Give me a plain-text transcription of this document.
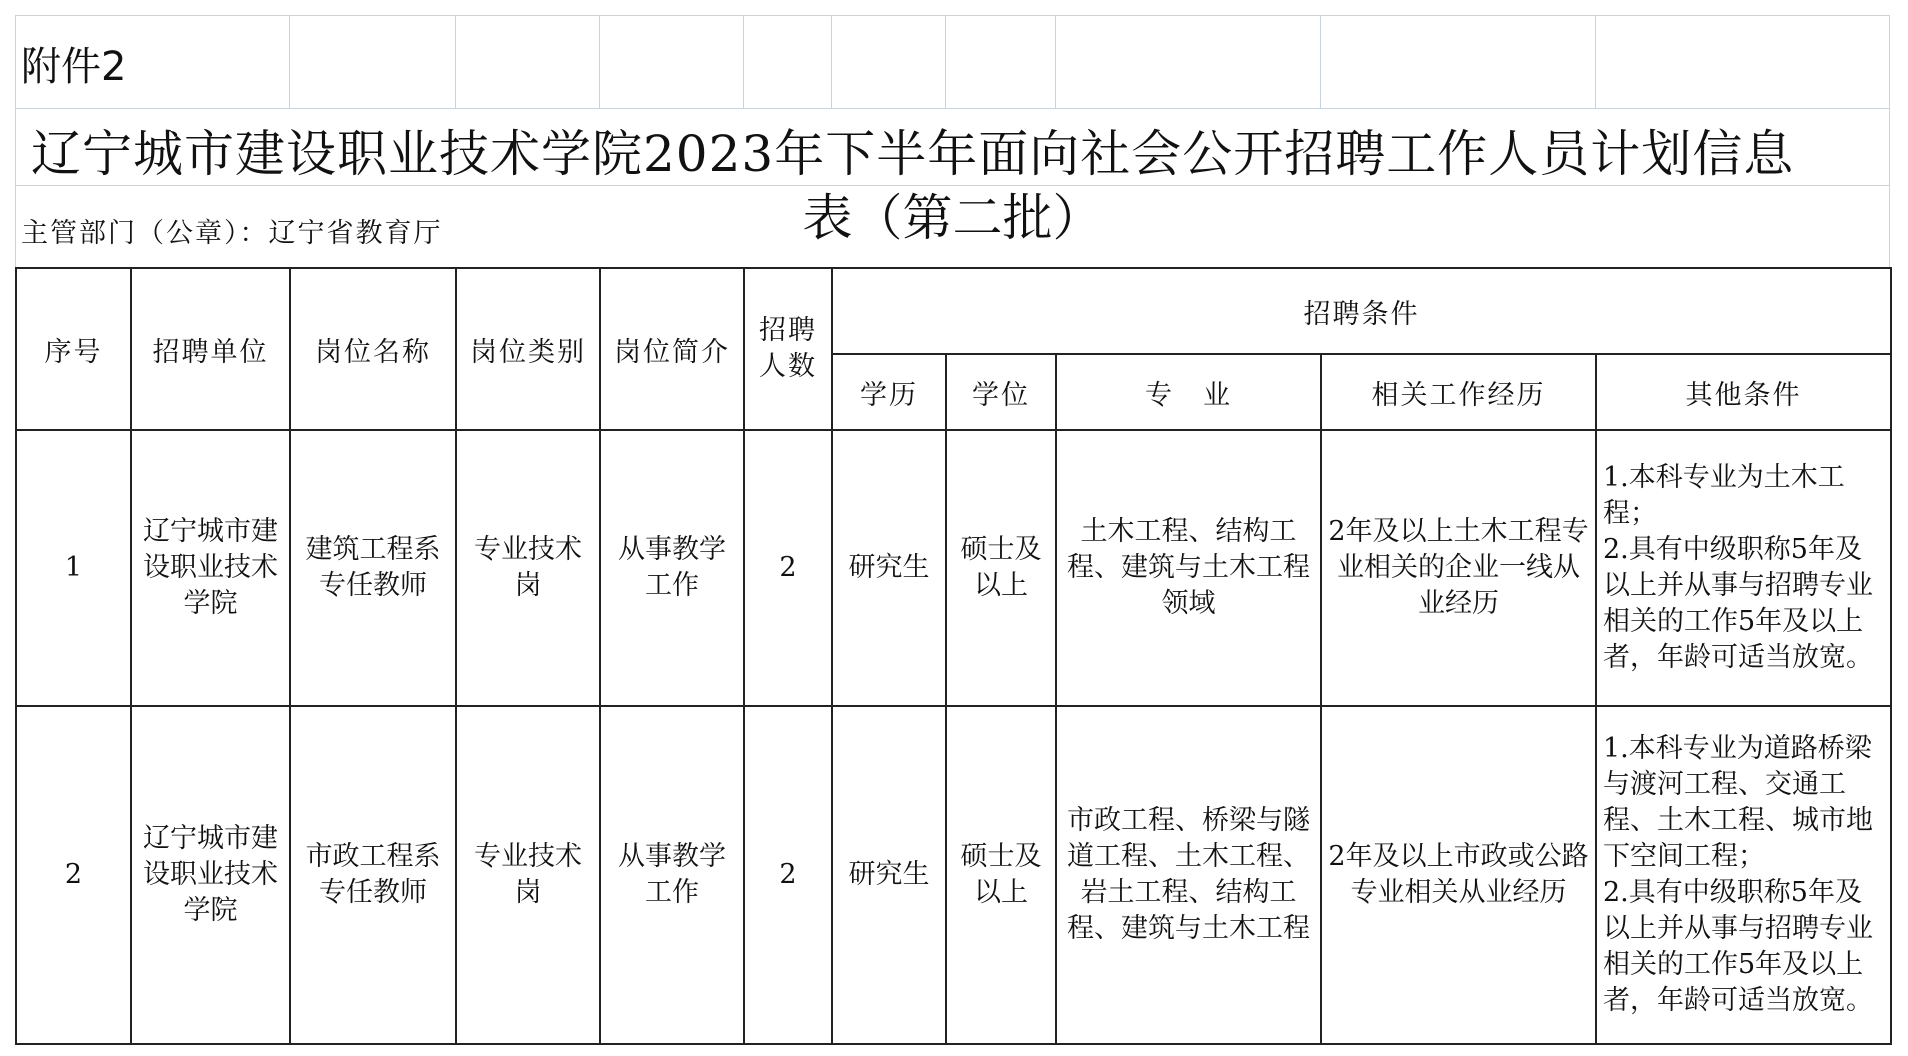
附件2
辽宁城市建设职业技术学院2023年下半年面向社会公开招聘工作人员计划信息
表（第二批）
主管部门（公章）：辽宁省教育厅
序号	招聘单位	岗位名称	岗位类别	岗位简介	招聘人数	招聘条件				
						学历	学位	专　业	相关工作经历	其他条件
1	辽宁城市建设职业技术学院	建筑工程系专任教师	专业技术岗	从事教学工作	2	研究生	硕士及以上	土木工程、结构工程、建筑与土木工程领域	2年及以上土木工程专业相关的企业一线从业经历	1.本科专业为土木工程；
2.具有中级职称5年及以上并从事与招聘专业相关的工作5年及以上者，年龄可适当放宽。
2	辽宁城市建设职业技术学院	市政工程系专任教师	专业技术岗	从事教学工作	2	研究生	硕士及以上	市政工程、桥梁与隧道工程、土木工程、岩土工程、结构工程、建筑与土木工程	2年及以上市政或公路专业相关从业经历	1.本科专业为道路桥梁与渡河工程、交通工程、土木工程、城市地下空间工程；
2.具有中级职称5年及以上并从事与招聘专业相关的工作5年及以上者，年龄可适当放宽。
